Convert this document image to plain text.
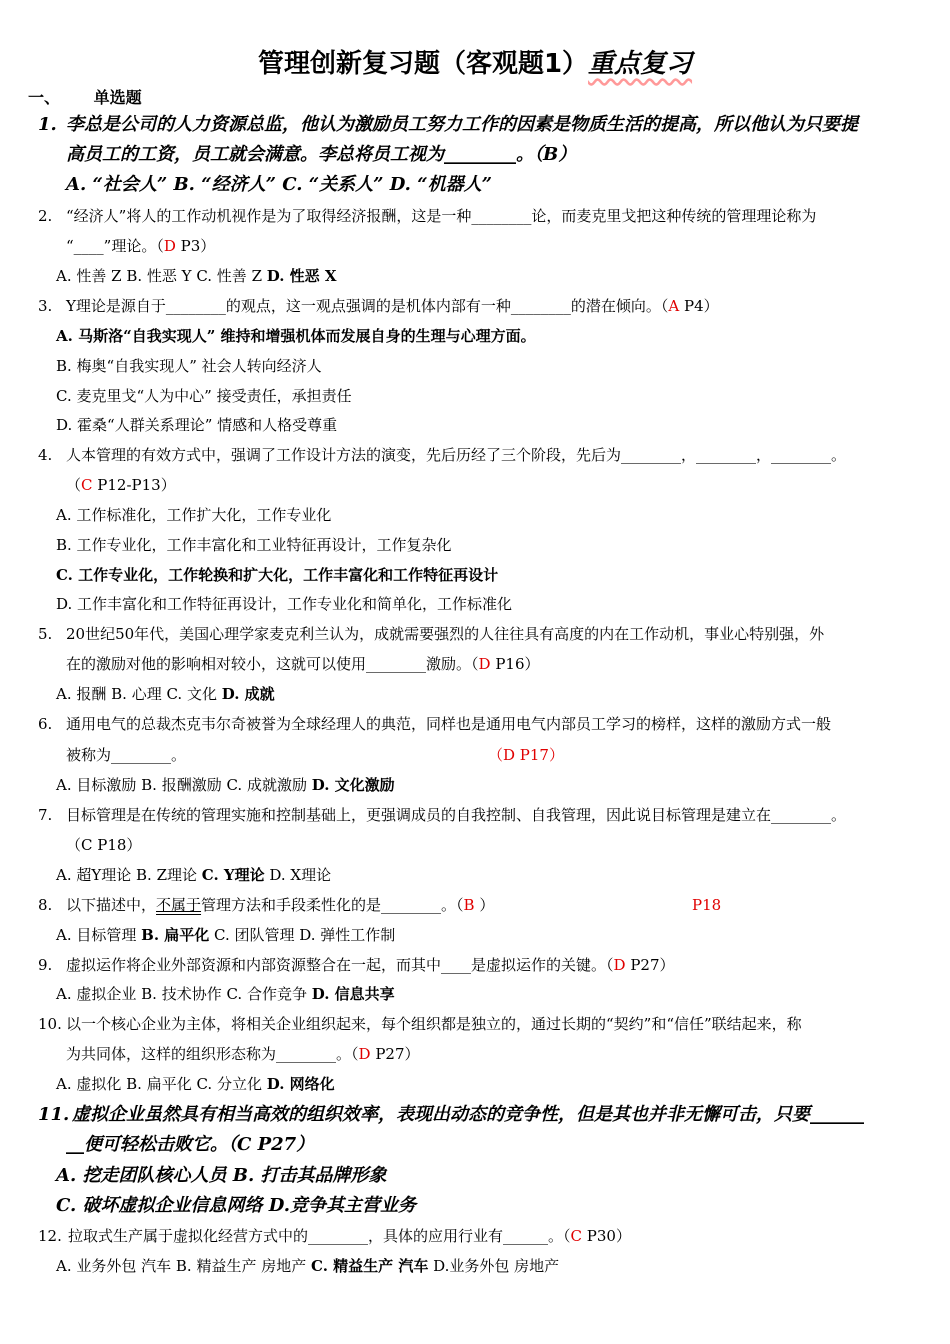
管理创新复习题（客观题1）重点复习
一、 单选题
1. 李总是公司的人力资源总监，他认为激励员工努力工作的因素是物质生活的提高，所以他认为只要提
高员工的工资，员工就会满意。李总将员工视为________。（B）
A. “社会人” B. “经济人” C. “关系人” D. “机器人”
2. “经济人”将人的工作动机视作是为了取得经济报酬，这是一种________论，而麦克里戈把这种传统的管理理论称为
“____”理论。（D P3）
A. 性善 Z B. 性恶 Y C. 性善 Z D. 性恶 X
3. Y理论是源自于________的观点，这一观点强调的是机体内部有一种________的潜在倾向。（A P4）
A. 马斯洛“自我实现人” 维持和增强机体而发展自身的生理与心理方面。
B. 梅奥“自我实现人” 社会人转向经济人
C. 麦克里戈“人为中心” 接受责任，承担责任
D. 霍桑“人群关系理论” 情感和人格受尊重
4. 人本管理的有效方式中，强调了工作设计方法的演变，先后历经了三个阶段，先后为________，________，________。
（C P12-P13）
A. 工作标准化，工作扩大化，工作专业化
B. 工作专业化，工作丰富化和工业特征再设计，工作复杂化
C. 工作专业化，工作轮换和扩大化，工作丰富化和工作特征再设计
D. 工作丰富化和工作特征再设计，工作专业化和简单化，工作标准化
5. 20世纪50年代，美国心理学家麦克利兰认为，成就需要强烈的人往往具有高度的内在工作动机，事业心特别强，外
在的激励对他的影响相对较小，这就可以使用________激励。（D P16）
A. 报酬 B. 心理 C. 文化 D. 成就
6. 通用电气的总裁杰克韦尔奇被誉为全球经理人的典范，同样也是通用电气内部员工学习的榜样，这样的激励方式一般
被称为________。	（D P17）
A. 目标激励 B. 报酬激励 C. 成就激励 D. 文化激励
7. 目标管理是在传统的管理实施和控制基础上，更强调成员的自我控制、自我管理，因此说目标管理是建立在________。
（C P18）
A. 超Y理论 B. Z理论 C. Y理论 D. X理论
8. 以下描述中，不属于管理方法和手段柔性化的是________。（B ）	P18
A. 目标管理 B. 扁平化 C. 团队管理 D. 弹性工作制
9. 虚拟运作将企业外部资源和内部资源整合在一起，而其中____是虚拟运作的关键。（D P27）
A. 虚拟企业 B. 技术协作 C. 合作竞争 D. 信息共享
10. 以一个核心企业为主体，将相关企业组织起来，每个组织都是独立的，通过长期的“契约”和“信任”联结起来，称
为共同体，这样的组织形态称为________。（D P27）
A. 虚拟化 B. 扁平化 C. 分立化 D. 网络化
11. 虚拟企业虽然具有相当高效的组织效率，表现出动态的竞争性，但是其也并非无懈可击，只要______
__便可轻松击败它。（C P27）
A. 挖走团队核心人员 B. 打击其品牌形象
C. 破坏虚拟企业信息网络 D.竞争其主营业务
12. 拉取式生产属于虚拟化经营方式中的________，具体的应用行业有______。（C P30）
A. 业务外包 汽车 B. 精益生产 房地产 C. 精益生产 汽车 D.业务外包 房地产
